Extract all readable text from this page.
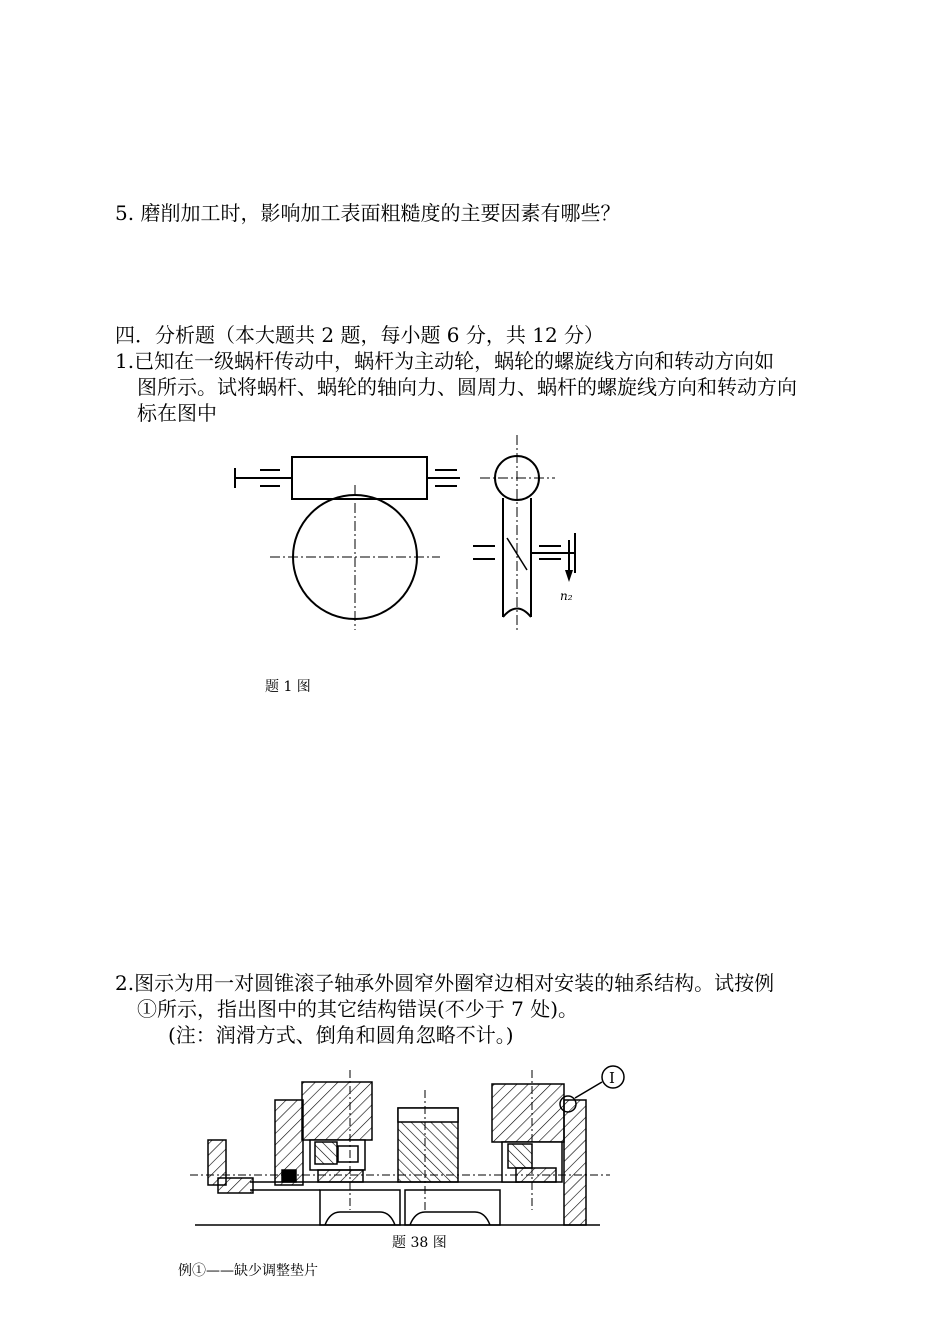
5. 磨削加工时，影响加工表面粗糙度的主要因素有哪些？
四．分析题（本大题共 2 题，每小题 6 分，共 12 分）
1.已知在一级蜗杆传动中，蜗杆为主动轮，蜗轮的螺旋线方向和转动方向如
图所示。试将蜗杆、蜗轮的轴向力、圆周力、蜗杆的螺旋线方向和转动方向
标在图中
n₂
题 1 图
2.图示为用一对圆锥滚子轴承外圆窄外圈窄边相对安装的轴系结构。试按例
①所示，指出图中的其它结构错误(不少于 7 处)。
(注：润滑方式、倒角和圆角忽略不计。)
I
题 38 图
例①——缺少调整垫片
